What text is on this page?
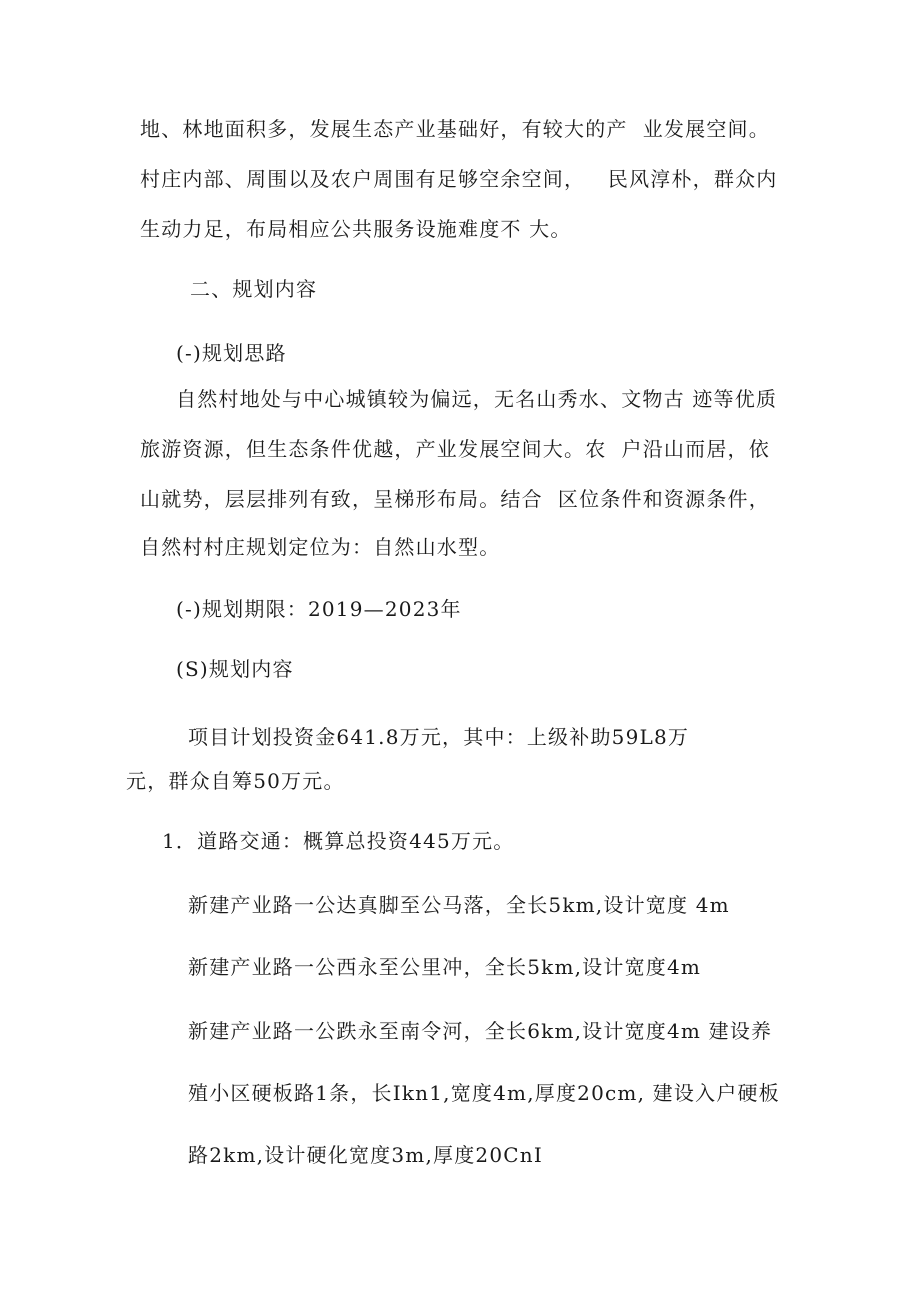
地、林地面积多，发展生态产业基础好，有较大的产  业发展空间。
村庄内部、周围以及农户周围有足够空余空间，   民风淳朴，群众内
生动力足，布局相应公共服务设施难度不 大。
二、规划内容
(-)规划思路
自然村地处与中心城镇较为偏远，无名山秀水、文物古 迹等优质
旅游资源，但生态条件优越，产业发展空间大。农  户沿山而居，依
山就势，层层排列有致，呈梯形布局。结合  区位条件和资源条件，
自然村村庄规划定位为：自然山水型。
(-)规划期限：2019—2023年
(S)规划内容
项目计划投资金641.8万元，其中：上级补助59L8万
元，群众自筹50万元。
1．道路交通：概算总投资445万元。
新建产业路一公达真脚至公马落，全长5km,设计宽度 4m
新建产业路一公西永至公里冲，全长5km,设计宽度4m
新建产业路一公跌永至南令河，全长6km,设计宽度4m 建设养
殖小区硬板路1条，长Ikn1,宽度4m,厚度20cm, 建设入户硬板
路2km,设计硬化宽度3m,厚度20CnI
